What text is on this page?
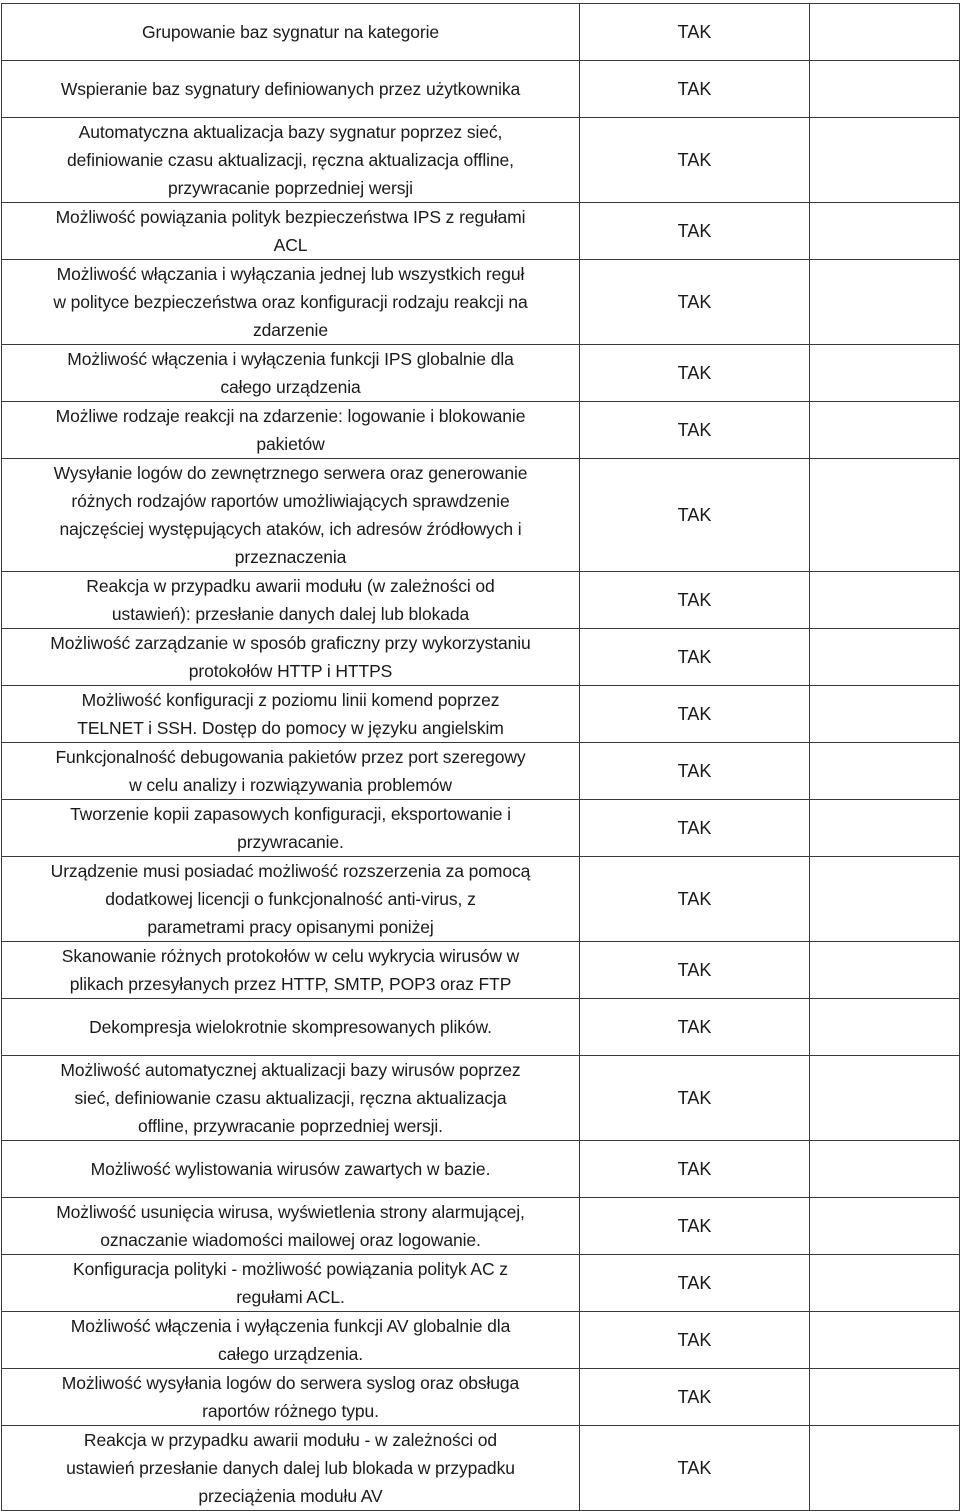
Grupowanie baz sygnatur na kategorie	TAK	
Wspieranie baz sygnatury definiowanych przez użytkownika	TAK	
Automatyczna aktualizacja bazy sygnatur poprzez sieć,
definiowanie czasu aktualizacji, ręczna aktualizacja offline,
przywracanie poprzedniej wersji	TAK	
Możliwość powiązania polityk bezpieczeństwa IPS z regułami
ACL	TAK	
Możliwość włączania i wyłączania jednej lub wszystkich reguł
w polityce bezpieczeństwa oraz konfiguracji rodzaju reakcji na
zdarzenie	TAK	
Możliwość włączenia i wyłączenia funkcji IPS globalnie dla
całego urządzenia	TAK	
Możliwe rodzaje reakcji na zdarzenie: logowanie i blokowanie
pakietów	TAK	
Wysyłanie logów do zewnętrznego serwera oraz generowanie
różnych rodzajów raportów umożliwiających sprawdzenie
najczęściej występujących ataków, ich adresów źródłowych i
przeznaczenia	TAK	
Reakcja w przypadku awarii modułu (w zależności od
ustawień): przesłanie danych dalej lub blokada	TAK	
Możliwość zarządzanie w sposób graficzny przy wykorzystaniu
protokołów HTTP i HTTPS	TAK	
Możliwość konfiguracji z poziomu linii komend poprzez
TELNET i SSH. Dostęp do pomocy w języku angielskim	TAK	
Funkcjonalność debugowania pakietów przez port szeregowy
w celu analizy i rozwiązywania problemów	TAK	
Tworzenie kopii zapasowych konfiguracji, eksportowanie i
przywracanie.	TAK	
Urządzenie musi posiadać możliwość rozszerzenia za pomocą
dodatkowej licencji o funkcjonalność anti-virus, z
parametrami pracy opisanymi poniżej	TAK	
Skanowanie różnych protokołów w celu wykrycia wirusów w
plikach przesyłanych przez HTTP, SMTP, POP3 oraz FTP	TAK	
Dekompresja wielokrotnie skompresowanych plików.	TAK	
Możliwość automatycznej aktualizacji bazy wirusów poprzez
sieć, definiowanie czasu aktualizacji, ręczna aktualizacja
offline, przywracanie poprzedniej wersji.	TAK	
Możliwość wylistowania wirusów zawartych w bazie.	TAK	
Możliwość usunięcia wirusa, wyświetlenia strony alarmującej,
oznaczanie wiadomości mailowej oraz logowanie.	TAK	
Konfiguracja polityki - możliwość powiązania polityk AC z
regułami ACL.	TAK	
Możliwość włączenia i wyłączenia funkcji AV globalnie dla
całego urządzenia.	TAK	
Możliwość wysyłania logów do serwera syslog oraz obsługa
raportów różnego typu.	TAK	
Reakcja w przypadku awarii modułu - w zależności od
ustawień przesłanie danych dalej lub blokada w przypadku
przeciążenia modułu AV	TAK	
